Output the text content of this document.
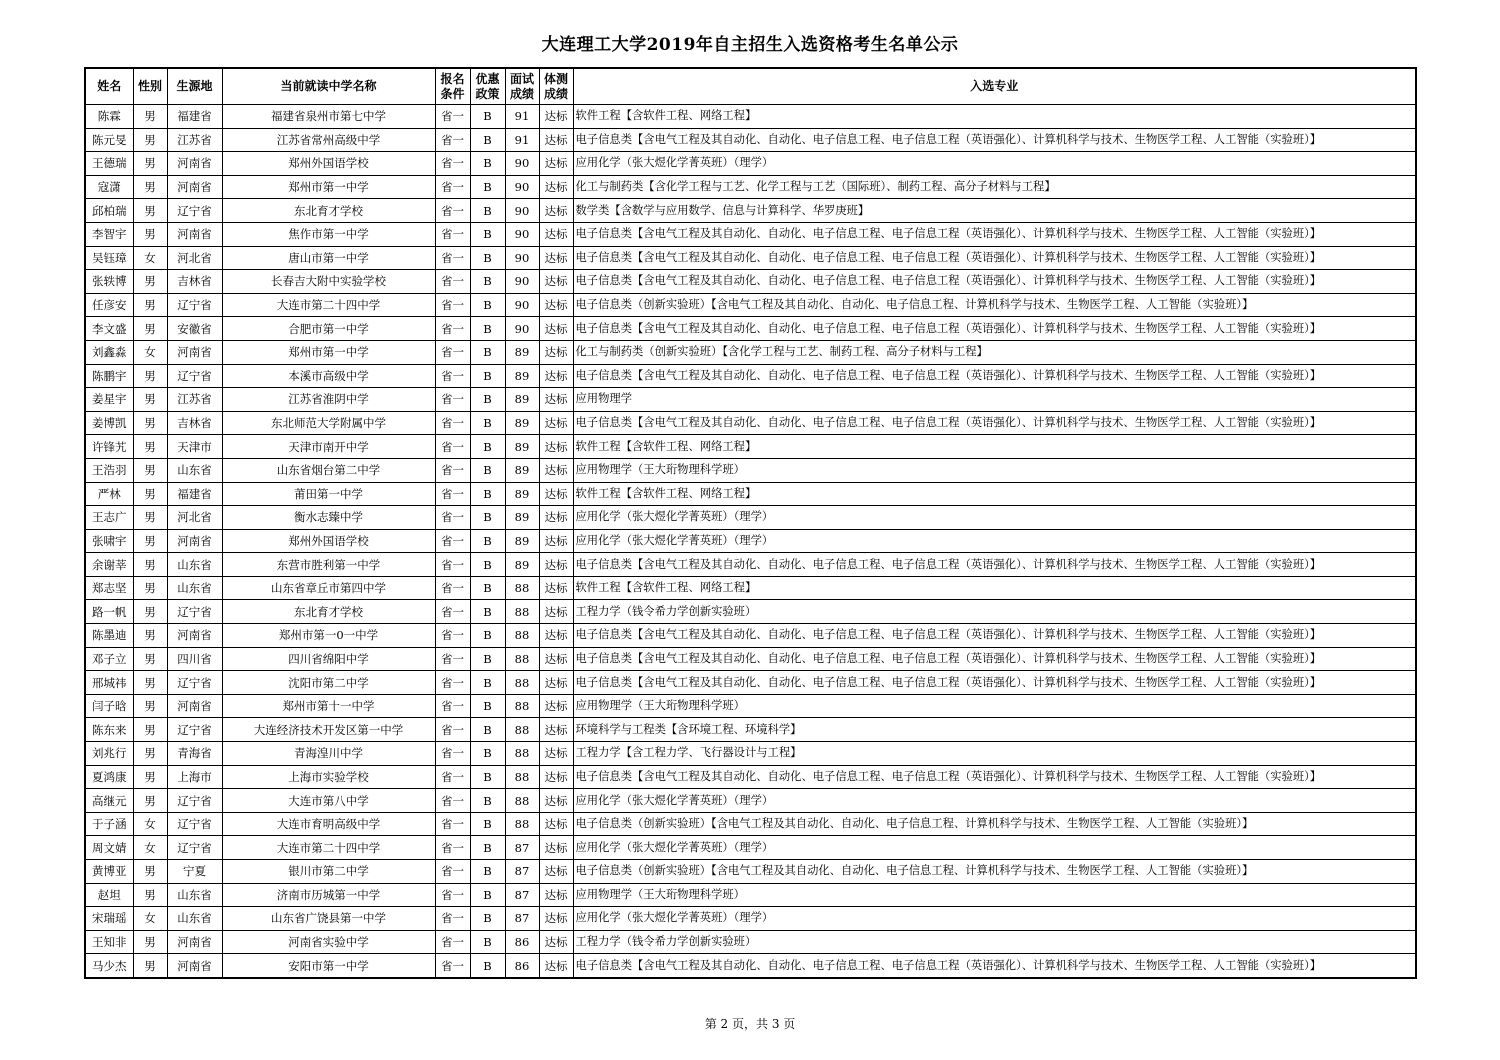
大连理工大学2019年自主招生入选资格考生名单公示
姓名	性别	生源地	当前就读中学名称	报名条件	优惠政策	面试成绩	体测成绩	入选专业
陈霖	男	福建省	福建省泉州市第七中学	省一	B	91	达标	软件工程【含软件工程、网络工程】
陈元旻	男	江苏省	江苏省常州高级中学	省一	B	91	达标	电子信息类【含电气工程及其自动化、自动化、电子信息工程、电子信息工程（英语强化）、计算机科学与技术、生物医学工程、人工智能（实验班）】
王德瑞	男	河南省	郑州外国语学校	省一	B	90	达标	应用化学（张大煜化学菁英班）（理学）
寇潇	男	河南省	郑州市第一中学	省一	B	90	达标	化工与制药类【含化学工程与工艺、化学工程与工艺（国际班）、制药工程、高分子材料与工程】
邱柏瑞	男	辽宁省	东北育才学校	省一	B	90	达标	数学类【含数学与应用数学、信息与计算科学、华罗庚班】
李智宇	男	河南省	焦作市第一中学	省一	B	90	达标	电子信息类【含电气工程及其自动化、自动化、电子信息工程、电子信息工程（英语强化）、计算机科学与技术、生物医学工程、人工智能（实验班）】
吴钰璋	女	河北省	唐山市第一中学	省一	B	90	达标	电子信息类【含电气工程及其自动化、自动化、电子信息工程、电子信息工程（英语强化）、计算机科学与技术、生物医学工程、人工智能（实验班）】
张轶博	男	吉林省	长春吉大附中实验学校	省一	B	90	达标	电子信息类【含电气工程及其自动化、自动化、电子信息工程、电子信息工程（英语强化）、计算机科学与技术、生物医学工程、人工智能（实验班）】
任彦安	男	辽宁省	大连市第二十四中学	省一	B	90	达标	电子信息类（创新实验班）【含电气工程及其自动化、自动化、电子信息工程、计算机科学与技术、生物医学工程、人工智能（实验班）】
李文盛	男	安徽省	合肥市第一中学	省一	B	90	达标	电子信息类【含电气工程及其自动化、自动化、电子信息工程、电子信息工程（英语强化）、计算机科学与技术、生物医学工程、人工智能（实验班）】
刘鑫淼	女	河南省	郑州市第一中学	省一	B	89	达标	化工与制药类（创新实验班）【含化学工程与工艺、制药工程、高分子材料与工程】
陈鹏宇	男	辽宁省	本溪市高级中学	省一	B	89	达标	电子信息类【含电气工程及其自动化、自动化、电子信息工程、电子信息工程（英语强化）、计算机科学与技术、生物医学工程、人工智能（实验班）】
姜星宇	男	江苏省	江苏省淮阴中学	省一	B	89	达标	应用物理学
姜博凯	男	吉林省	东北师范大学附属中学	省一	B	89	达标	电子信息类【含电气工程及其自动化、自动化、电子信息工程、电子信息工程（英语强化）、计算机科学与技术、生物医学工程、人工智能（实验班）】
许锋艽	男	天津市	天津市南开中学	省一	B	89	达标	软件工程【含软件工程、网络工程】
王浩羽	男	山东省	山东省烟台第二中学	省一	B	89	达标	应用物理学（王大珩物理科学班）
严林	男	福建省	莆田第一中学	省一	B	89	达标	软件工程【含软件工程、网络工程】
王志广	男	河北省	衡水志臻中学	省一	B	89	达标	应用化学（张大煜化学菁英班）（理学）
张啸宇	男	河南省	郑州外国语学校	省一	B	89	达标	应用化学（张大煜化学菁英班）（理学）
余谢莘	男	山东省	东营市胜利第一中学	省一	B	89	达标	电子信息类【含电气工程及其自动化、自动化、电子信息工程、电子信息工程（英语强化）、计算机科学与技术、生物医学工程、人工智能（实验班）】
郑志坚	男	山东省	山东省章丘市第四中学	省一	B	88	达标	软件工程【含软件工程、网络工程】
路一帆	男	辽宁省	东北育才学校	省一	B	88	达标	工程力学（钱令希力学创新实验班）
陈墨迪	男	河南省	郑州市第一0一中学	省一	B	88	达标	电子信息类【含电气工程及其自动化、自动化、电子信息工程、电子信息工程（英语强化）、计算机科学与技术、生物医学工程、人工智能（实验班）】
邓子立	男	四川省	四川省绵阳中学	省一	B	88	达标	电子信息类【含电气工程及其自动化、自动化、电子信息工程、电子信息工程（英语强化）、计算机科学与技术、生物医学工程、人工智能（实验班）】
邢城祎	男	辽宁省	沈阳市第二中学	省一	B	88	达标	电子信息类【含电气工程及其自动化、自动化、电子信息工程、电子信息工程（英语强化）、计算机科学与技术、生物医学工程、人工智能（实验班）】
闫子晗	男	河南省	郑州市第十一中学	省一	B	88	达标	应用物理学（王大珩物理科学班）
陈东来	男	辽宁省	大连经济技术开发区第一中学	省一	B	88	达标	环境科学与工程类【含环境工程、环境科学】
刘兆行	男	青海省	青海湟川中学	省一	B	88	达标	工程力学【含工程力学、飞行器设计与工程】
夏鸿康	男	上海市	上海市实验学校	省一	B	88	达标	电子信息类【含电气工程及其自动化、自动化、电子信息工程、电子信息工程（英语强化）、计算机科学与技术、生物医学工程、人工智能（实验班）】
高继元	男	辽宁省	大连市第八中学	省一	B	88	达标	应用化学（张大煜化学菁英班）（理学）
于子涵	女	辽宁省	大连市育明高级中学	省一	B	88	达标	电子信息类（创新实验班）【含电气工程及其自动化、自动化、电子信息工程、计算机科学与技术、生物医学工程、人工智能（实验班）】
周文婧	女	辽宁省	大连市第二十四中学	省一	B	87	达标	应用化学（张大煜化学菁英班）（理学）
黄博亚	男	宁夏	银川市第二中学	省一	B	87	达标	电子信息类（创新实验班）【含电气工程及其自动化、自动化、电子信息工程、计算机科学与技术、生物医学工程、人工智能（实验班）】
赵坦	男	山东省	济南市历城第一中学	省一	B	87	达标	应用物理学（王大珩物理科学班）
宋瑞瑶	女	山东省	山东省广饶县第一中学	省一	B	87	达标	应用化学（张大煜化学菁英班）（理学）
王知非	男	河南省	河南省实验中学	省一	B	86	达标	工程力学（钱令希力学创新实验班）
马少杰	男	河南省	安阳市第一中学	省一	B	86	达标	电子信息类【含电气工程及其自动化、自动化、电子信息工程、电子信息工程（英语强化）、计算机科学与技术、生物医学工程、人工智能（实验班）】
第 2 页，共 3 页
